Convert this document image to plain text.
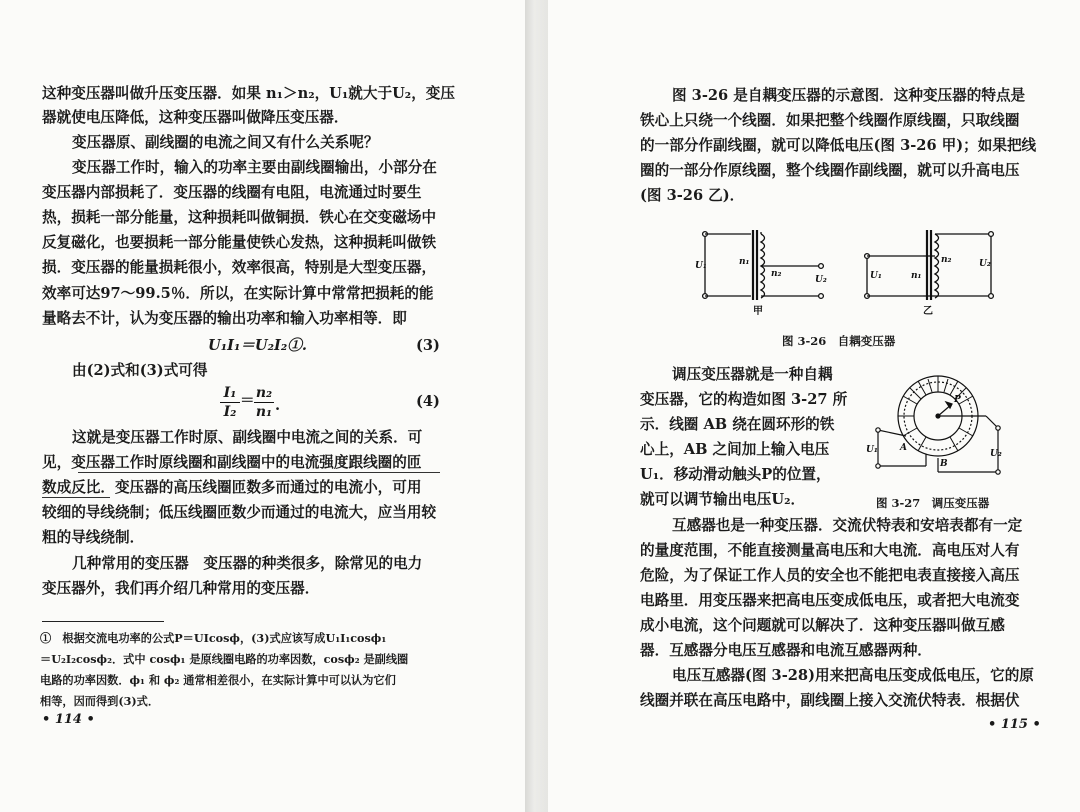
这种变压器叫做升压变压器．如果 n₁＞n₂，U₁就大于U₂，变压
器就使电压降低，这种变压器叫做降压变压器．
变压器原、副线圈的电流之间又有什么关系呢？
变压器工作时，输入的功率主要由副线圈输出，小部分在
变压器内部损耗了．变压器的线圈有电阻，电流通过时要生
热，损耗一部分能量，这种损耗叫做铜损．铁心在交变磁场中
反复磁化，也要损耗一部分能量使铁心发热，这种损耗叫做铁
损．变压器的能量损耗很小，效率很高，特别是大型变压器，
效率可达97～99.5％．所以，在实际计算中常常把损耗的能
量略去不计，认为变压器的输出功率和输入功率相等．即
U₁I₁＝U₂I₂①.	(3)
由(2)式和(3)式可得
I₁
I₂
＝ n₂
n₁ .	(4)
这就是变压器工作时原、副线圈中电流之间的关系．可
见，变压器工作时原线圈和副线圈中的电流强度跟线圈的匝
数成反比．变压器的高压线圈匝数多而通过的电流小，可用
较细的导线绕制；低压线圈匝数少而通过的电流大，应当用较
粗的导线绕制．
几种常用的变压器　变压器的种类很多，除常见的电力
变压器外，我们再介绍几种常用的变压器．
①　根据交流电功率的公式P＝UIcosϕ，(3)式应该写成U₁I₁cosϕ₁
＝U₂I₂cosϕ₂．式中 cosϕ₁ 是原线圈电路的功率因数，cosϕ₂ 是副线圈
电路的功率因数．ϕ₁ 和 ϕ₂ 通常相差很小，在实际计算中可以认为它们
相等，因而得到(3)式．
• 114 •
图 3-26 是自耦变压器的示意图．这种变压器的特点是
铁心上只绕一个线圈．如果把整个线圈作原线圈，只取线圈
的一部分作副线圈，就可以降低电压(图 3-26 甲)；如果把线
圈的一部分作原线圈，整个线圈作副线圈，就可以升高电压
(图 3-26 乙)．
U₁	n₁
n₂
U₂	U₁	n₁
n₂	U₂
甲	乙
图 3-26　自耦变压器
调压变压器就是一种自耦
变压器，它的构造如图 3-27 所
示．线圈 AB 绕在圆环形的铁
心上，AB 之间加上输入电压
U₁．移动滑动触头P的位置，
就可以调节输出电压U₂．
P
A
B
U₁	U₂
图 3-27　调压变压器
互感器也是一种变压器．交流伏特表和安培表都有一定
的量度范围，不能直接测量高电压和大电流．高电压对人有
危险，为了保证工作人员的安全也不能把电表直接接入高压
电路里．用变压器来把高电压变成低电压，或者把大电流变
成小电流，这个问题就可以解决了．这种变压器叫做互感
器．互感器分电压互感器和电流互感器两种．
电压互感器(图 3-28)用来把高电压变成低电压，它的原
线圈并联在高压电路中，副线圈上接入交流伏特表．根据伏
• 115 •
